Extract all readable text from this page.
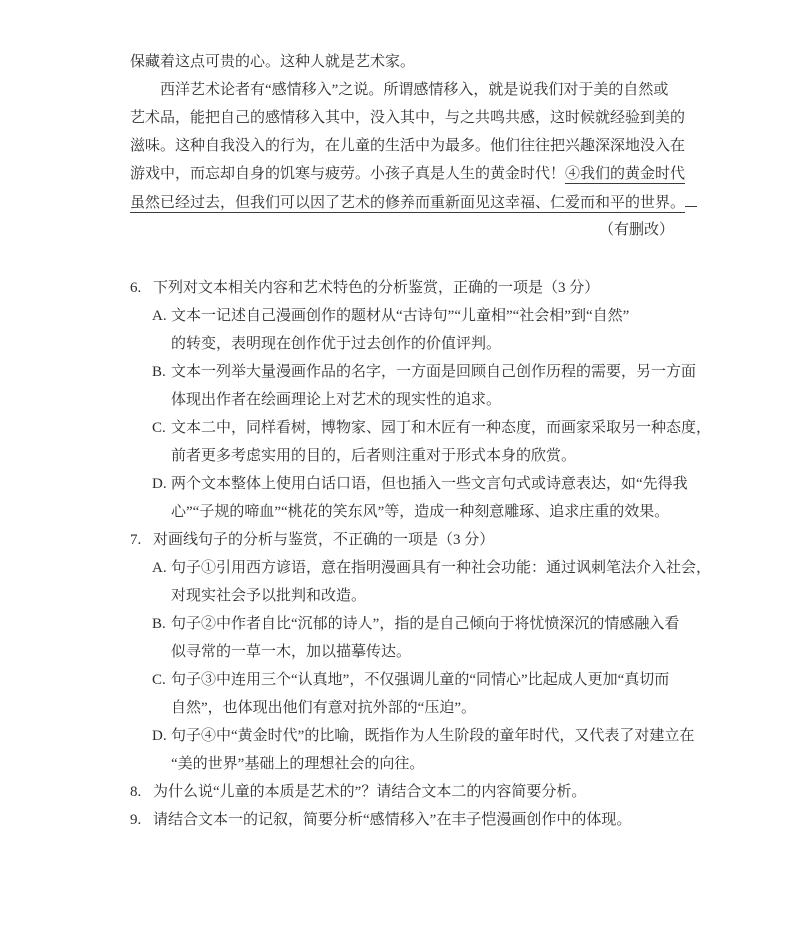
保藏着这点可贵的心。这种人就是艺术家。
西洋艺术论者有“感情移入”之说。所谓感情移入，就是说我们对于美的自然或
艺术品，能把自己的感情移入其中，没入其中，与之共鸣共感，这时候就经验到美的
滋味。这种自我没入的行为，在儿童的生活中为最多。他们往往把兴趣深深地没入在
游戏中，而忘却自身的饥寒与疲劳。小孩子真是人生的黄金时代！④我们的黄金时代
虽然已经过去，但我们可以因了艺术的修养而重新面见这幸福、仁爱而和平的世界。
（有删改）
6. 下列对文本相关内容和艺术特色的分析鉴赏，正确的一项是（3 分）
A. 文本一记述自己漫画创作的题材从“古诗句”“儿童相”“社会相”到“自然”
的转变，表明现在创作优于过去创作的价值评判。
B. 文本一列举大量漫画作品的名字，一方面是回顾自己创作历程的需要，另一方面
体现出作者在绘画理论上对艺术的现实性的追求。
C. 文本二中，同样看树，博物家、园丁和木匠有一种态度，而画家采取另一种态度，
前者更多考虑实用的目的，后者则注重对于形式本身的欣赏。
D. 两个文本整体上使用白话口语，但也插入一些文言句式或诗意表达，如“先得我
心”“子规的啼血”“桃花的笑东风”等，造成一种刻意雕琢、追求庄重的效果。
7. 对画线句子的分析与鉴赏，不正确的一项是（3 分）
A. 句子①引用西方谚语，意在指明漫画具有一种社会功能：通过讽刺笔法介入社会，
对现实社会予以批判和改造。
B. 句子②中作者自比“沉郁的诗人”，指的是自己倾向于将忧愤深沉的情感融入看
似寻常的一草一木，加以描摹传达。
C. 句子③中连用三个“认真地”，不仅强调儿童的“同情心”比起成人更加“真切而
自然”，也体现出他们有意对抗外部的“压迫”。
D. 句子④中“黄金时代”的比喻，既指作为人生阶段的童年时代，又代表了对建立在
“美的世界”基础上的理想社会的向往。
8. 为什么说“儿童的本质是艺术的”？请结合文本二的内容简要分析。
9. 请结合文本一的记叙，简要分析“感情移入”在丰子恺漫画创作中的体现。
